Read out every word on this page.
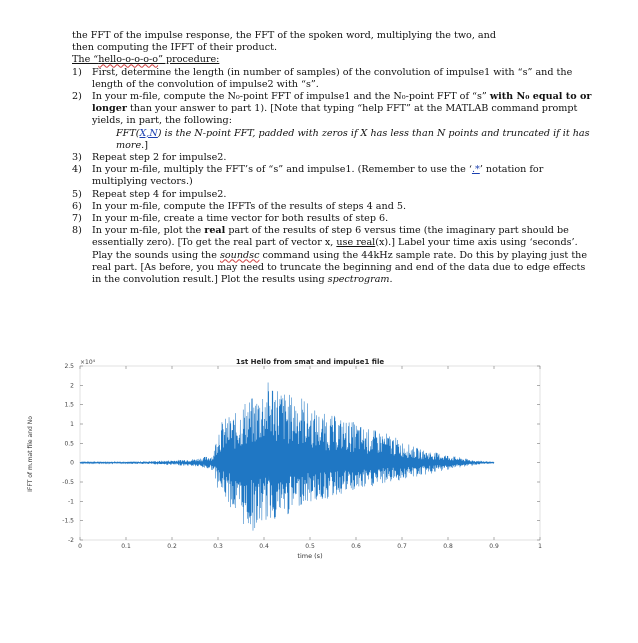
the FFT of the impulse response, the FFT of the spoken word, multiplying the two, and

then computing the IFFT of their product.

The “hello-o-o-o-o” procedure:

1) First, determine the length (in number of samples) of the convolution of impulse1 with “s” and the length of the convolution of impulse2 with “s”.
2) In your m-file, compute the N₀-point FFT of impulse1 and the N₀-point FFT of “s” with N₀ equal to or longer than your answer to part 1). [Note that typing “help FFT” at the MATLAB command prompt yields, in part, the following:
FFT(X,N) is the N-point FFT, padded with zeros if X has less than N points and truncated if it has more.]
3) Repeat step 2 for impulse2.
4) In your m-file, multiply the FFT’s of “s” and impulse1. (Remember to use the ‘.*’ notation for multiplying vectors.)
5) Repeat step 4 for impulse2.
6) In your m-file, compute the IFFTs of the results of steps 4 and 5.
7) In your m-file, create a time vector for both results of step 6.
8) In your m-file, plot the real part of the results of step 6 versus time (the imaginary part should be essentially zero). [To get the real part of vector x, use real(x).] Label your time axis using ‘seconds’. Play the sounds using the soundsc command using the 44kHz sample rate. Do this by playing just the real part. [As before, you may need to truncate the beginning and end of the data due to edge effects in the convolution result.] Plot the results using spectrogram.
2.5
2
1.5
1
0.5
0
-0.5
-1
-1.5
-2
0	0.1	0.2	0.3	0.4	0.5	0.6	0.7	0.8	0.9	1
1st Hello from smat and impulse1 file
×10⁴
time (s)
IFFT of m.mat file and No
